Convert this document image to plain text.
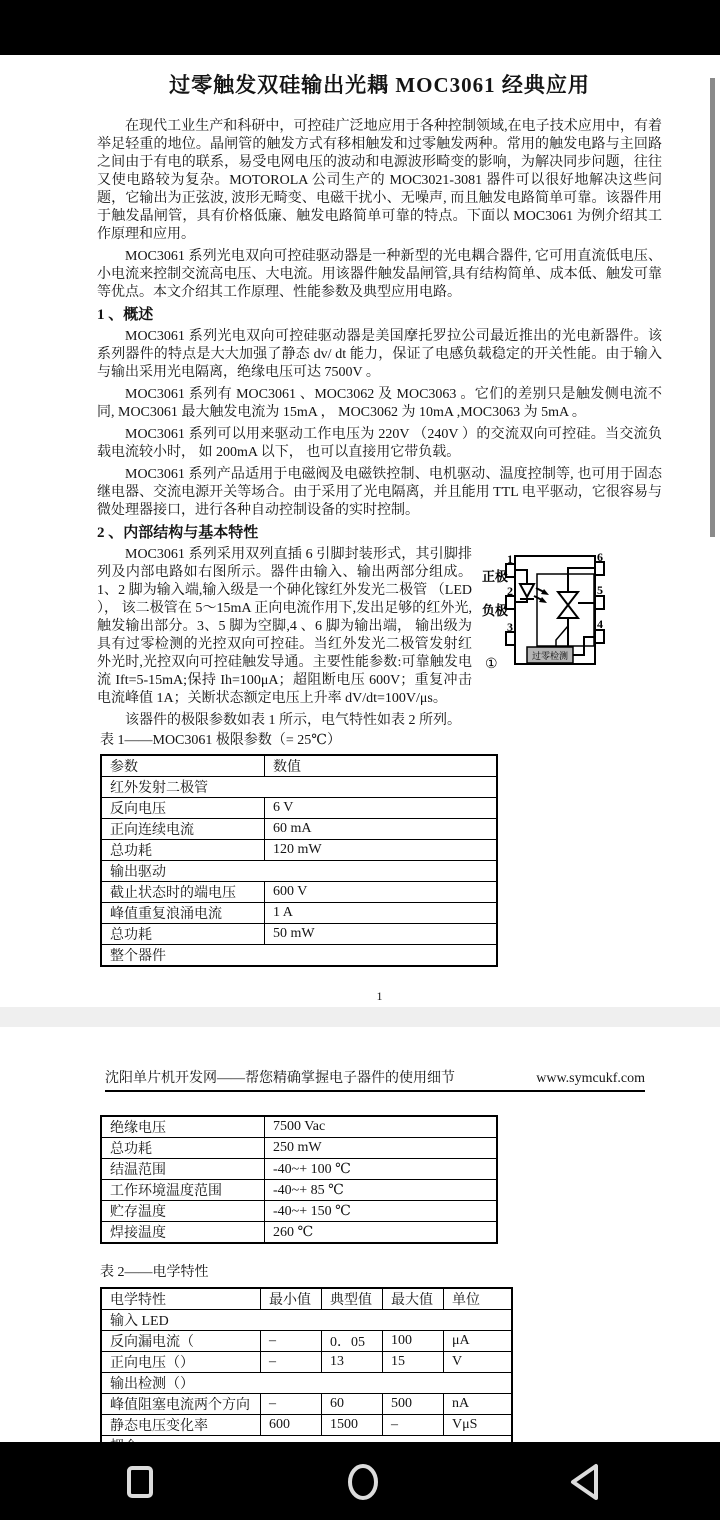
过零触发双硅输出光耦 MOC3061 经典应用

在现代工业生产和科研中，可控硅广泛地应用于各种控制领域,在电子技术应用中，有着举足轻重的地位。晶闸管的触发方式有移相触发和过零触发两种。常用的触发电路与主回路之间由于有电的联系，易受电网电压的波动和电源波形畸变的影响，为解决同步问题，往往又使电路较为复杂。MOTOROLA 公司生产的 MOC3021-3081 器件可以很好地解决这些问题，它输出为正弦波, 波形无畸变、电磁干扰小、无噪声, 而且触发电路简单可靠。该器件用于触发晶闸管，具有价格低廉、触发电路简单可靠的特点。下面以 MOC3061 为例介绍其工作原理和应用。

MOC3061 系列光电双向可控硅驱动器是一种新型的光电耦合器件, 它可用直流低电压、小电流来控制交流高电压、大电流。用该器件触发晶闸管,具有结构简单、成本低、触发可靠等优点。本文介绍其工作原理、性能参数及典型应用电路。

1 、概述

MOC3061 系列光电双向可控硅驱动器是美国摩托罗拉公司最近推出的光电新器件。该系列器件的特点是大大加强了静态 dv/ dt 能力，保证了电感负载稳定的开关性能。由于输入与输出采用光电隔离，绝缘电压可达 7500V 。

MOC3061 系列有 MOC3061 、MOC3062 及 MOC3063 。它们的差别只是触发侧电流不同, MOC3061 最大触发电流为 15mA ， MOC3062 为 10mA ,MOC3063 为 5mA 。

MOC3061 系列可以用来驱动工作电压为 220V （240V ）的交流双向可控硅。当交流负载电流较小时， 如 200mA 以下， 也可以直接用它带负载。

MOC3061 系列产品适用于电磁阀及电磁铁控制、电机驱动、温度控制等, 也可用于固态继电器、交流电源开关等场合。由于采用了光电隔离，并且能用 TTL 电平驱动，它很容易与微处理器接口，进行各种自动控制设备的实时控制。

2 、内部结构与基本特性
1
2
3
6
5
4
正极
负极
①
过零检测

MOC3061 系列采用双列直插 6 引脚封装形式，其引脚排列及内部电路如右图所示。器件由输入、输出两部分组成。1、2 脚为输入端,输入级是一个砷化镓红外发光二极管 （LED ）， 该二极管在 5～15mA 正向电流作用下,发出足够的红外光,触发输出部分。3、5 脚为空脚,4 、6 脚为输出端， 输出级为具有过零检测的光控双向可控硅。当红外发光二极管发射红外光时,光控双向可控硅触发导通。主要性能参数:可靠触发电流 Ift=5-15mA;保持 Ih=100μA；超阻断电压 600V；重复冲击电流峰值 1A；关断状态额定电压上升率 dV/dt=100V/μs。

该器件的极限参数如表 1 所示，电气特性如表 2 所列。

表 1——MOC3061 极限参数（= 25℃）
参数	数值
红外发射二极管	
反向电压	6 V
正向连续电流	60 mA
总功耗	120 mW
输出驱动	
截止状态时的端电压	600 V
峰值重复浪涌电流	1 A
总功耗	50 mW
整个器件	
1
沈阳单片机开发网——帮您精确掌握电子器件的使用细节	www.symcukf.com
绝缘电压	7500 Vac
总功耗	250 mW
结温范围	-40~+ 100 ℃
工作环境温度范围	-40~+ 85 ℃
贮存温度	-40~+ 150 ℃
焊接温度	260 ℃
表 2——电学特性
电学特性	最小值	典型值	最大值	单位
输入 LED				
反向漏电流（	–	0．05	100	μA
正向电压（）	–	13	15	V
输出检测（）				
峰值阻塞电流两个方向	–	60	500	nA
静态电压变化率	600	1500	–	VμS
